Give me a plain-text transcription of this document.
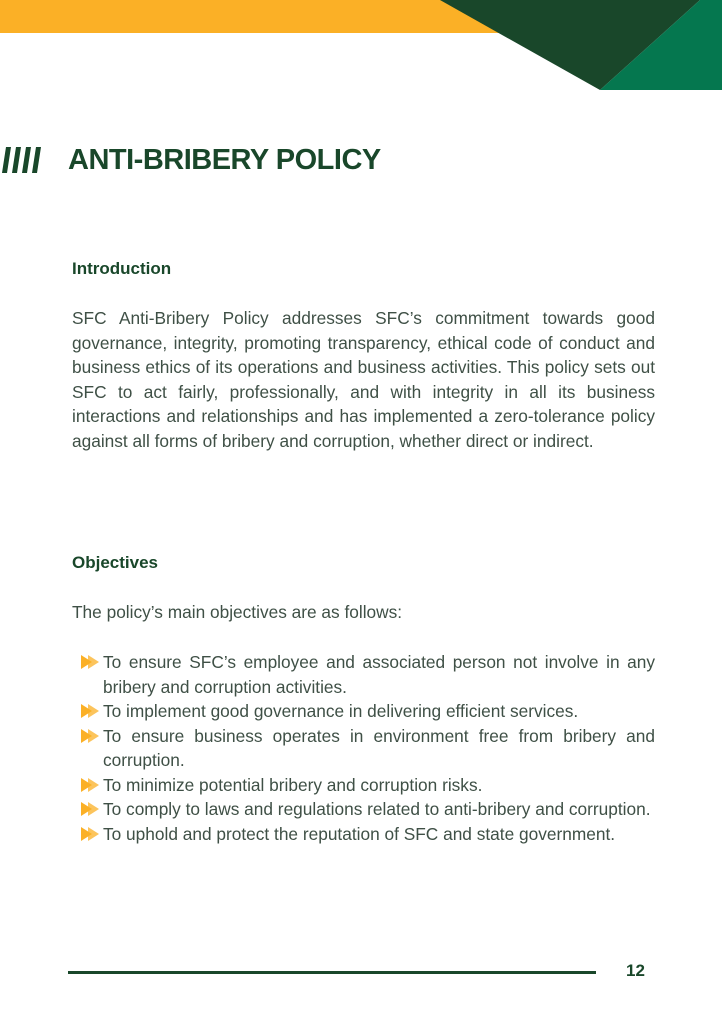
ANTI-BRIBERY POLICY
Introduction

SFC Anti-Bribery Policy addresses SFC’s commitment towards good governance, integrity, promoting transparency, ethical code of conduct and business ethics of its operations and business activities. This policy sets out SFC to act fairly, professionally, and with integrity in all its business interactions and relationships and has implemented a zero-tolerance policy against all forms of bribery and corruption, whether direct or indirect.

Objectives

The policy’s main objectives are as follows:

To ensure SFC’s employee and associated person not involve in any bribery and corruption activities.
To implement good governance in delivering efficient services.
To ensure business operates in environment free from bribery and corruption.
To minimize potential bribery and corruption risks.
To comply to laws and regulations related to anti-bribery and corruption.
To uphold and protect the reputation of SFC and state government.
12
